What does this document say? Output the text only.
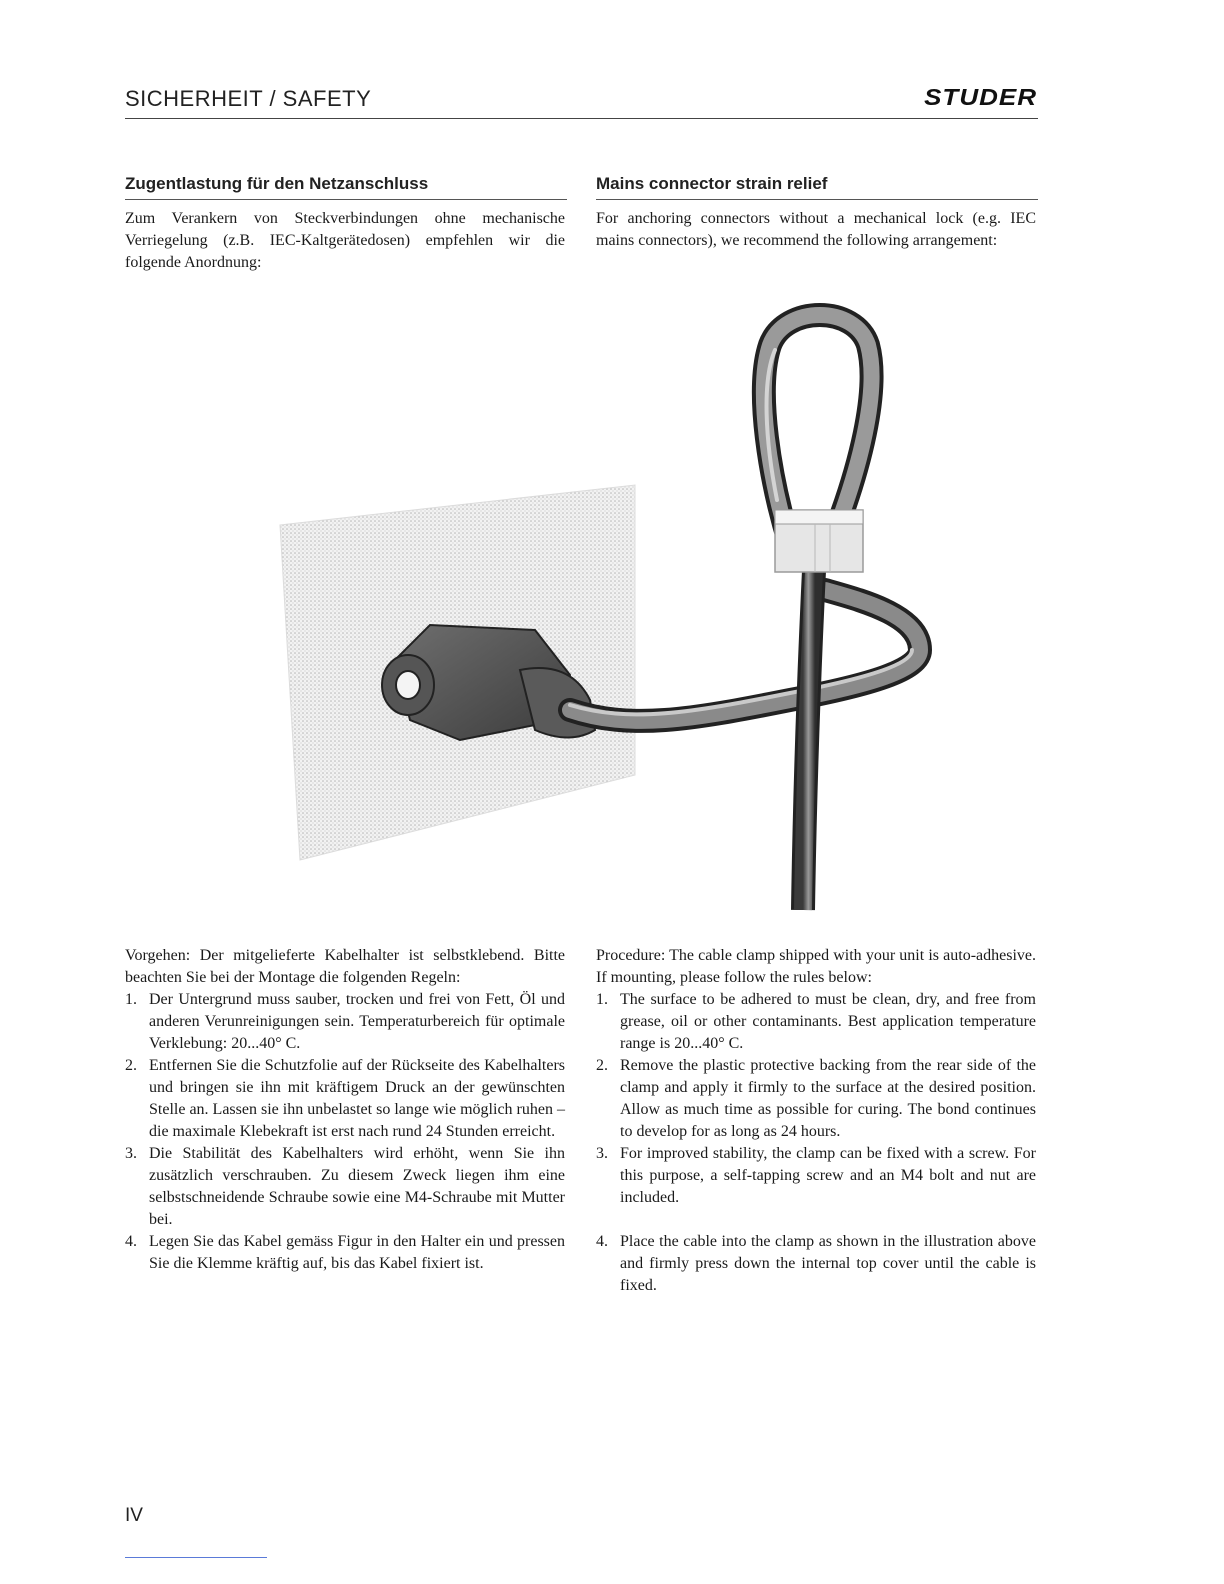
SICHERHEIT / SAFETY	STUDER
Zugentlastung für den Netzanschluss	Mains connector strain relief
Zum Verankern von Steckverbindungen ohne mechanische Verriegelung (z.B. IEC-Kaltgerätedosen) empfehlen wir die folgende Anordnung:
For anchoring connectors without a mechanical lock (e.g. IEC mains connectors), we recommend the following arrangement:

Vorgehen: Der mitgelieferte Kabelhalter ist selbstklebend. Bitte beachten Sie bei der Montage die folgenden Regeln:

1. Der Untergrund muss sauber, trocken und frei von Fett, Öl und anderen Verunreinigungen sein. Temperaturbereich für optimale Verklebung: 20...40° C.
2. Entfernen Sie die Schutzfolie auf der Rückseite des Kabelhalters und bringen sie ihn mit kräftigem Druck an der gewünschten Stelle an. Lassen sie ihn unbelastet so lange wie möglich ruhen – die maximale Klebekraft ist erst nach rund 24 Stunden erreicht.
3. Die Stabilität des Kabelhalters wird erhöht, wenn Sie ihn zusätzlich verschrauben. Zu diesem Zweck liegen ihm eine selbstschneidende Schraube sowie eine M4-Schraube mit Mutter bei.
4. Legen Sie das Kabel gemäss Figur in den Halter ein und pressen Sie die Klemme kräftig auf, bis das Kabel fixiert ist.

Procedure: The cable clamp shipped with your unit is auto-adhesive. If mounting, please follow the rules below:

1. The surface to be adhered to must be clean, dry, and free from grease, oil or other contaminants. Best application temperature range is 20...40° C.
2. Remove the plastic protective backing from the rear side of the clamp and apply it firmly to the surface at the desired position. Allow as much time as possible for curing. The bond continues to develop for as long as 24 hours.
3. For improved stability, the clamp can be fixed with a screw. For this purpose, a self-tapping screw and an M4 bolt and nut are included.
4. Place the cable into the clamp as shown in the illustration above and firmly press down the internal top cover until the cable is fixed.
IV
